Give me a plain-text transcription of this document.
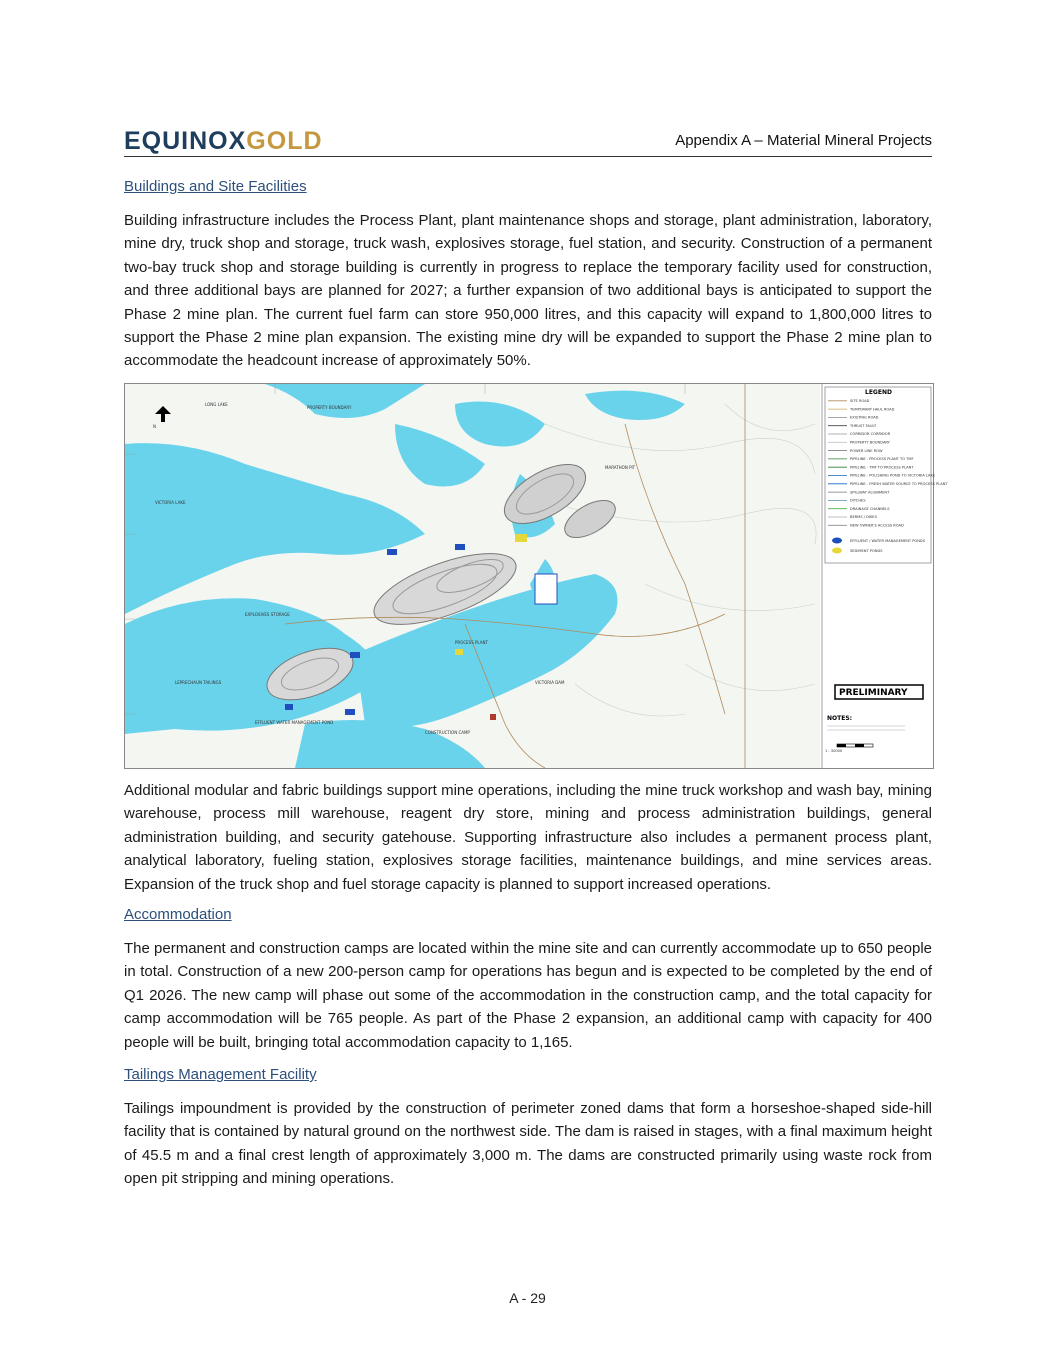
EQUINOXGOLD	Appendix A – Material Mineral Projects
Buildings and Site Facilities

Building infrastructure includes the Process Plant, plant maintenance shops and storage, plant administration, laboratory, mine dry, truck shop and storage, truck wash, explosives storage, fuel station, and security. Construction of a permanent two-bay truck shop and storage building is currently in progress to replace the temporary facility used for construction, and three additional bays are planned for 2027; a further expansion of two additional bays is anticipated to support the Phase 2 mine plan. The current fuel farm can store 950,000 litres, and this capacity will expand to 1,800,000 litres to support the Phase 2 mine plan expansion. The existing mine dry will be expanded to support the Phase 2 mine plan to accommodate the headcount increase of approximately 50%.

N
LONG LAKE
PROPERTY BOUNDARY
VICTORIA LAKE
LEPRECHAUN TAILINGS
MARATHON PIT
PROCESS PLANT
VICTORIA DAM
EFFLUENT WATER MANAGEMENT POND
EXPLOSIVES STORAGE
CONSTRUCTION CAMP
LEGEND
SITE ROAD
TEMPORARY HAUL ROAD
EXISTING ROAD
THRUST FAULT
CORRIDOR CORRIDOR
PROPERTY BOUNDARY
POWER LINE ROW
PIPELINE - PROCESS PLANT TO TMF
PIPELINE - TMF TO PROCESS PLANT
PIPELINE - POLISHING POND TO VICTORIA LAKE
PIPELINE - FRESH WATER SOURCE TO PROCESS PLANT
SPILLWAY ALIGNMENT
DITCHES
DRAINAGE CHANNELS
BERMS / DIKES
NEW OWNER'S ACCESS ROAD
EFFLUENT / WATER MANAGEMENT PONDS
SEDIMENT PONDS
PRELIMINARY
NOTES:
1 : 30000

Additional modular and fabric buildings support mine operations, including the mine truck workshop and wash bay, mining warehouse, process mill warehouse, reagent dry store, mining and process administration buildings, general administration building, and security gatehouse. Supporting infrastructure also includes a permanent process plant, analytical laboratory, fueling station, explosives storage facilities, maintenance buildings, and mine services areas. Expansion of the truck shop and fuel storage capacity is planned to support increased operations.

Accommodation

The permanent and construction camps are located within the mine site and can currently accommodate up to 650 people in total. Construction of a new 200-person camp for operations has begun and is expected to be completed by the end of Q1 2026. The new camp will phase out some of the accommodation in the construction camp, and the total capacity for camp accommodation will be 765 people. As part of the Phase 2 expansion, an additional camp with capacity for 400 people will be built, bringing total accommodation capacity to 1,165.

Tailings Management Facility

Tailings impoundment is provided by the construction of perimeter zoned dams that form a horseshoe-shaped side-hill facility that is contained by natural ground on the northwest side. The dam is raised in stages, with a final maximum height of 45.5 m and a final crest length of approximately 3,000 m. The dams are constructed primarily using waste rock from open pit stripping and mining operations.

A - 29
